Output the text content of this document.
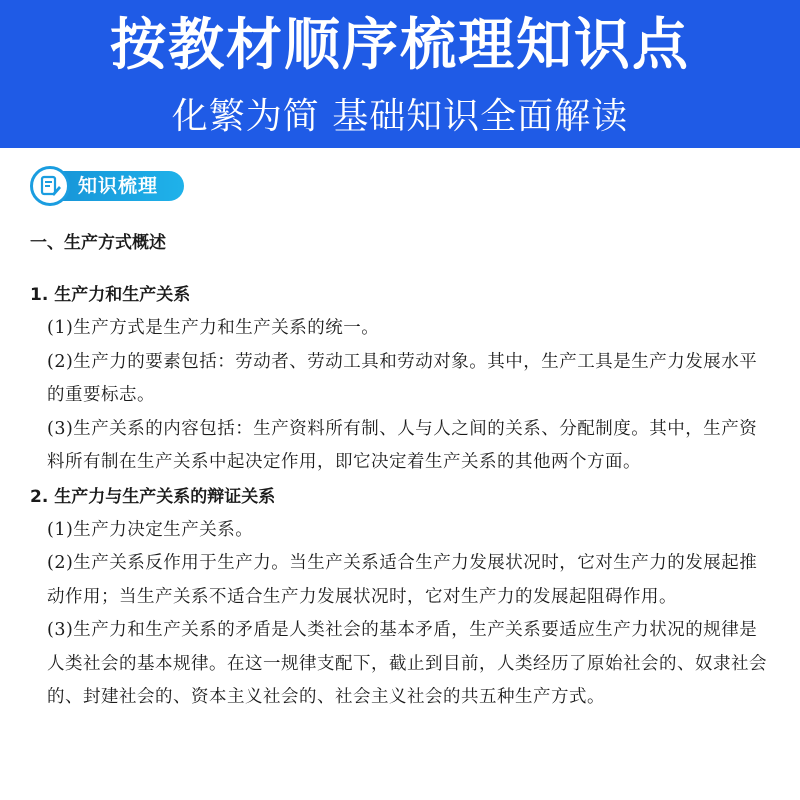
按教材顺序梳理知识点
化繁为简 基础知识全面解读
知识梳理

一、生产方式概述

1. 生产力和生产关系

(1)生产方式是生产力和生产关系的统一。

(2)生产力的要素包括：劳动者、劳动工具和劳动对象。其中，生产工具是生产力发展水平的重要标志。

(3)生产关系的内容包括：生产资料所有制、人与人之间的关系、分配制度。其中，生产资料所有制在生产关系中起决定作用，即它决定着生产关系的其他两个方面。

2. 生产力与生产关系的辩证关系

(1)生产力决定生产关系。

(2)生产关系反作用于生产力。当生产关系适合生产力发展状况时，它对生产力的发展起推动作用；当生产关系不适合生产力发展状况时，它对生产力的发展起阻碍作用。

(3)生产力和生产关系的矛盾是人类社会的基本矛盾，生产关系要适应生产力状况的规律是人类社会的基本规律。在这一规律支配下，截止到目前，人类经历了原始社会的、奴隶社会的、封建社会的、资本主义社会的、社会主义社会的共五种生产方式。
